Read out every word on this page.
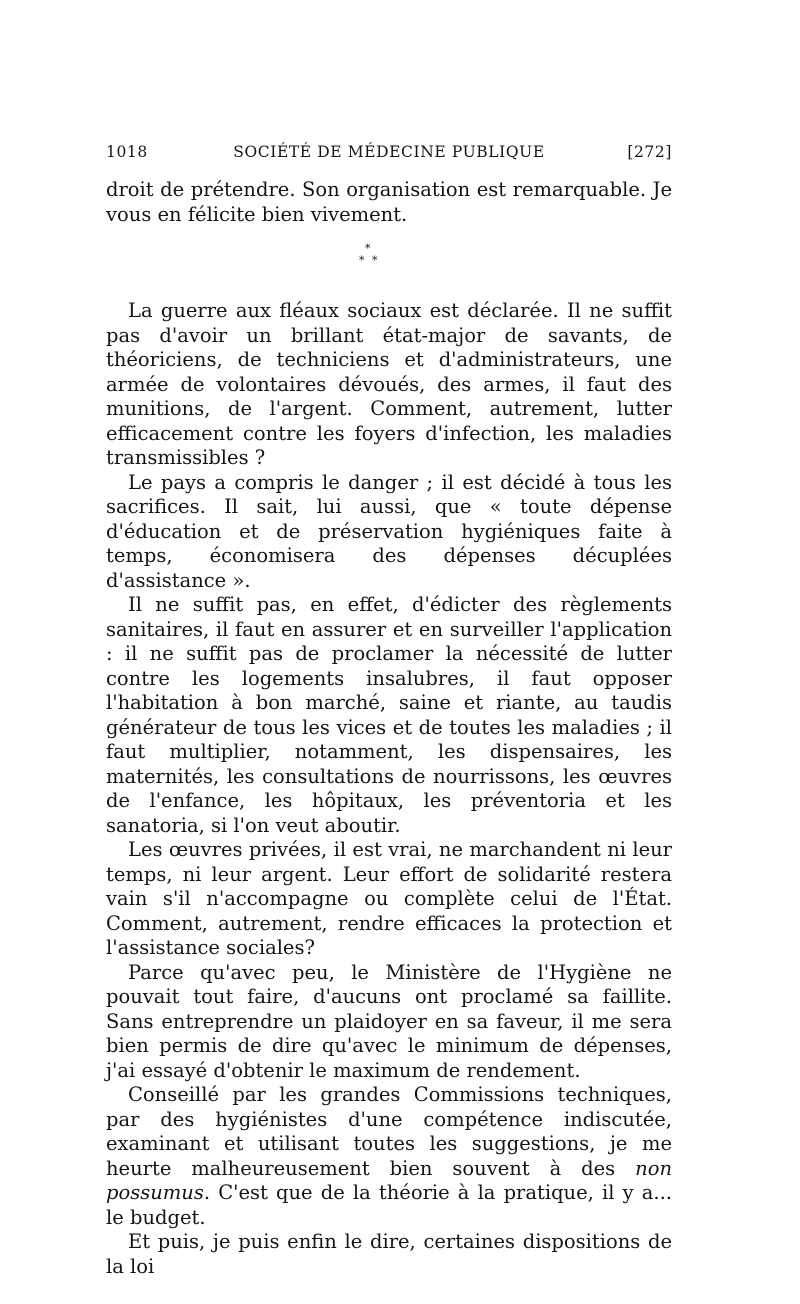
1018	SOCIÉTÉ DE MÉDECINE PUBLIQUE	[272]

droit de prétendre. Son organisation est remarquable. Je vous en félicite bien vivement.

*
* *

La guerre aux fléaux sociaux est déclarée. Il ne suffit pas d'avoir un brillant état-major de savants, de théoriciens, de techniciens et d'administrateurs, une armée de volontaires dévoués, des armes, il faut des munitions, de l'argent. Comment, autrement, lutter efficacement contre les foyers d'infection, les maladies transmissibles ?

Le pays a compris le danger ; il est décidé à tous les sacrifices. Il sait, lui aussi, que « toute dépense d'éducation et de préservation hygiéniques faite à temps, économisera des dépenses décuplées d'assistance ».

Il ne suffit pas, en effet, d'édicter des règlements sanitaires, il faut en assurer et en surveiller l'application : il ne suffit pas de proclamer la nécessité de lutter contre les logements insalubres, il faut opposer l'habitation à bon marché, saine et riante, au taudis générateur de tous les vices et de toutes les maladies ; il faut multiplier, notamment, les dispensaires, les maternités, les consultations de nourrissons, les œuvres de l'enfance, les hôpitaux, les préventoria et les sanatoria, si l'on veut aboutir.

Les œuvres privées, il est vrai, ne marchandent ni leur temps, ni leur argent. Leur effort de solidarité restera vain s'il n'accompagne ou complète celui de l'État. Comment, autrement, rendre efficaces la protection et l'assistance sociales?

Parce qu'avec peu, le Ministère de l'Hygiène ne pouvait tout faire, d'aucuns ont proclamé sa faillite. Sans entreprendre un plaidoyer en sa faveur, il me sera bien permis de dire qu'avec le minimum de dépenses, j'ai essayé d'obtenir le maximum de rendement.

Conseillé par les grandes Commissions techniques, par des hygiénistes d'une compétence indiscutée, examinant et utilisant toutes les suggestions, je me heurte malheureusement bien souvent à des non possumus. C'est que de la théorie à la pratique, il y a... le budget.

Et puis, je puis enfin le dire, certaines dispositions de la loi
